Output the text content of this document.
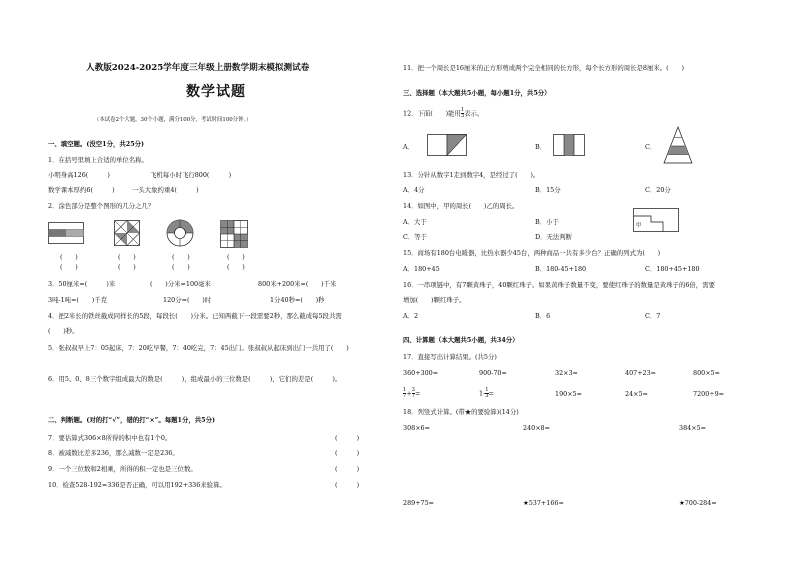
人教版2024-2025学年度三年级上册数学期末模拟测试卷
数学试题
（本试卷2个大题，30个小题，满分100分，考试时间100分钟。）
一、填空题。(没空1分，共25分)
1．在括号里填上合适的单位名称。
小明身高126(　　　)	飞机每小时飞行800(　　　)
数学课本厚约6(　　　)	一头大象约重4(　　　)
2．涂色部分是整个图形的几分之几？
(　　)
(　　)
(　　)
(　　)
(　　)
(　　)
(　　)
(　　)
3．50厘米=(　　　)米	(　　)分米=100毫米	800米+200米=(　　)千米
3吨-1吨=(　　)千克	120分=(　　)时	1分40秒=(　　)秒
4．把2米长的铁丝截成同样长的5段，每段长(　　)分米。已知两截下一段需要2秒，那么截成每5段共需
(　　)秒。
5．张叔叔早上7：05起床，7：20吃早餐，7：40吃完，7：45出门。张叔叔从起床到出门一共用了(　　)
6．用5、0、8三个数字组成最大的数是(　　　)，组成最小的三位数是(　　　)，它们的差是(　　　)。
二、判断题。(对的打“√”，错的打“×”。每题1分，共5分)
7．要估算式306×8所得的积中也有1个0。	(　　　)
8．被减数比差多236，那么减数一定是236。	(　　　)
9．一个三位数和2相乘，所得的积一定也是三位数。	(　　　)
10．检查528-192=336是否正确，可以用192+336来验算。	(　　　)
11．把一个周长是16厘米的正方形剪成两个完全相同的长方形，每个长方形的周长是8厘米。(　　)
三、选择题（本大题共5小题，每小题1分，共5分）
12．下面(　　)能用 $\frac{1}{3}$ 表示。
A．	B．	C．
13．分针从数字1走到数字4，是经过了(　　)。
A．4分	B．15分	C．20分
14．如图中，甲的周长(　　)乙的周长。
A．大于	B．小于
C．等于	D．无法判断
甲
15．商场有180台电暖器，比热水器少45台，两种商品一共有多少台？正确的列式为(　　)
A．180+45	B．180-45+180	C．180+45+180
16．一串项链中，有7颗黄珠子，40颗红珠子。如果黄珠子数量不变，要使红珠子的数量是黄珠子的6倍，需要
增加(　　)颗红珠子。
A．2	B．6	C．7
四、计算题（本大题共5小题，共34分）
17．直接写出计算结果。(共5分)
360+300=	900-70=	32×3=	407+23=	800×5=
$\frac{1}{7} + \frac{3}{7}$ =	$1- \frac{1}{3}$ =	190×5=	24×5=	7200÷9=
18．列竖式计算。(带★的要验算)(14分)
308×6=	240×8=	384×5=
289+75=	★537+166=	★700-284=
